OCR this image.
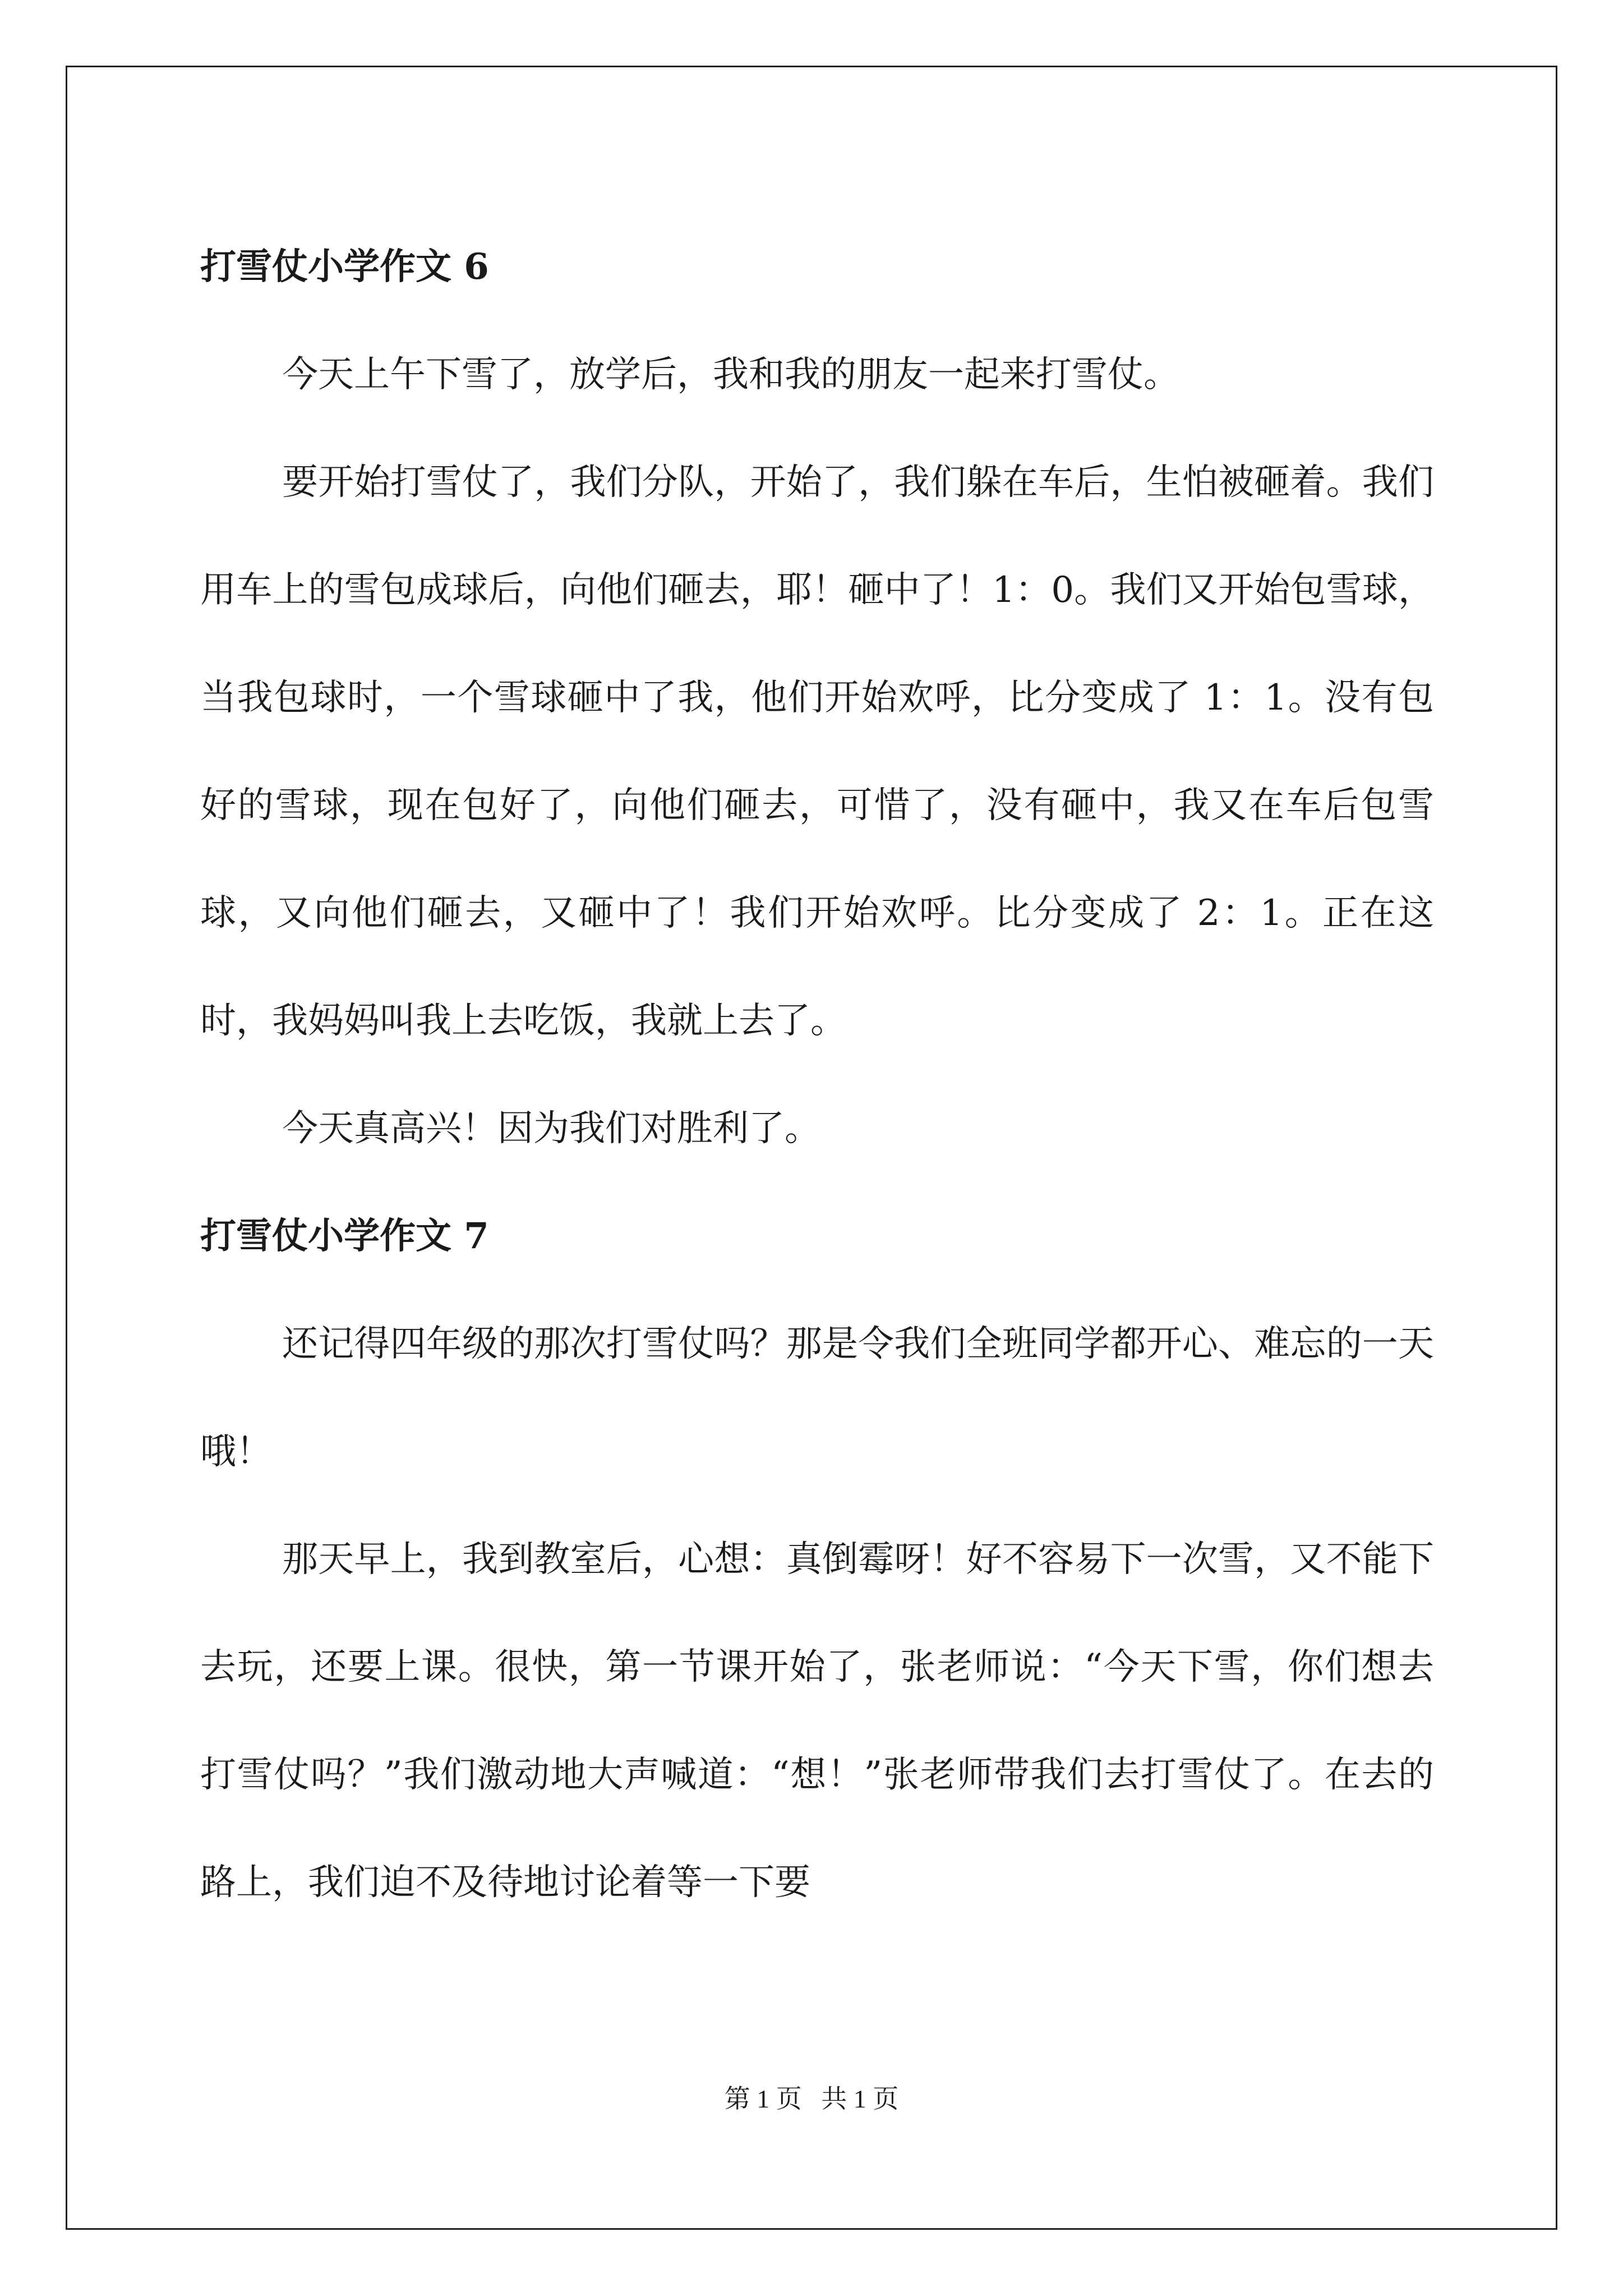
打雪仗小学作文 6

今天上午下雪了，放学后，我和我的朋友一起来打雪仗。

要开始打雪仗了，我们分队，开始了，我们躲在车后，生怕被砸着。我们用车上的雪包成球后，向他们砸去，耶！砸中了！1：0。我们又开始包雪球，当我包球时，一个雪球砸中了我，他们开始欢呼，比分变成了 1：1。没有包好的雪球，现在包好了，向他们砸去，可惜了，没有砸中，我又在车后包雪球，又向他们砸去，又砸中了！我们开始欢呼。比分变成了 2：1。正在这时，我妈妈叫我上去吃饭，我就上去了。

今天真高兴！因为我们对胜利了。

打雪仗小学作文 7

还记得四年级的那次打雪仗吗？那是令我们全班同学都开心、难忘的一天哦！

那天早上，我到教室后，心想：真倒霉呀！好不容易下一次雪，又不能下去玩，还要上课。很快，第一节课开始了，张老师说：“今天下雪，你们想去打雪仗吗？”我们激动地大声喊道：“想！”张老师带我们去打雪仗了。在去的路上，我们迫不及待地讨论着等一下要

第 1 页   共 1 页
